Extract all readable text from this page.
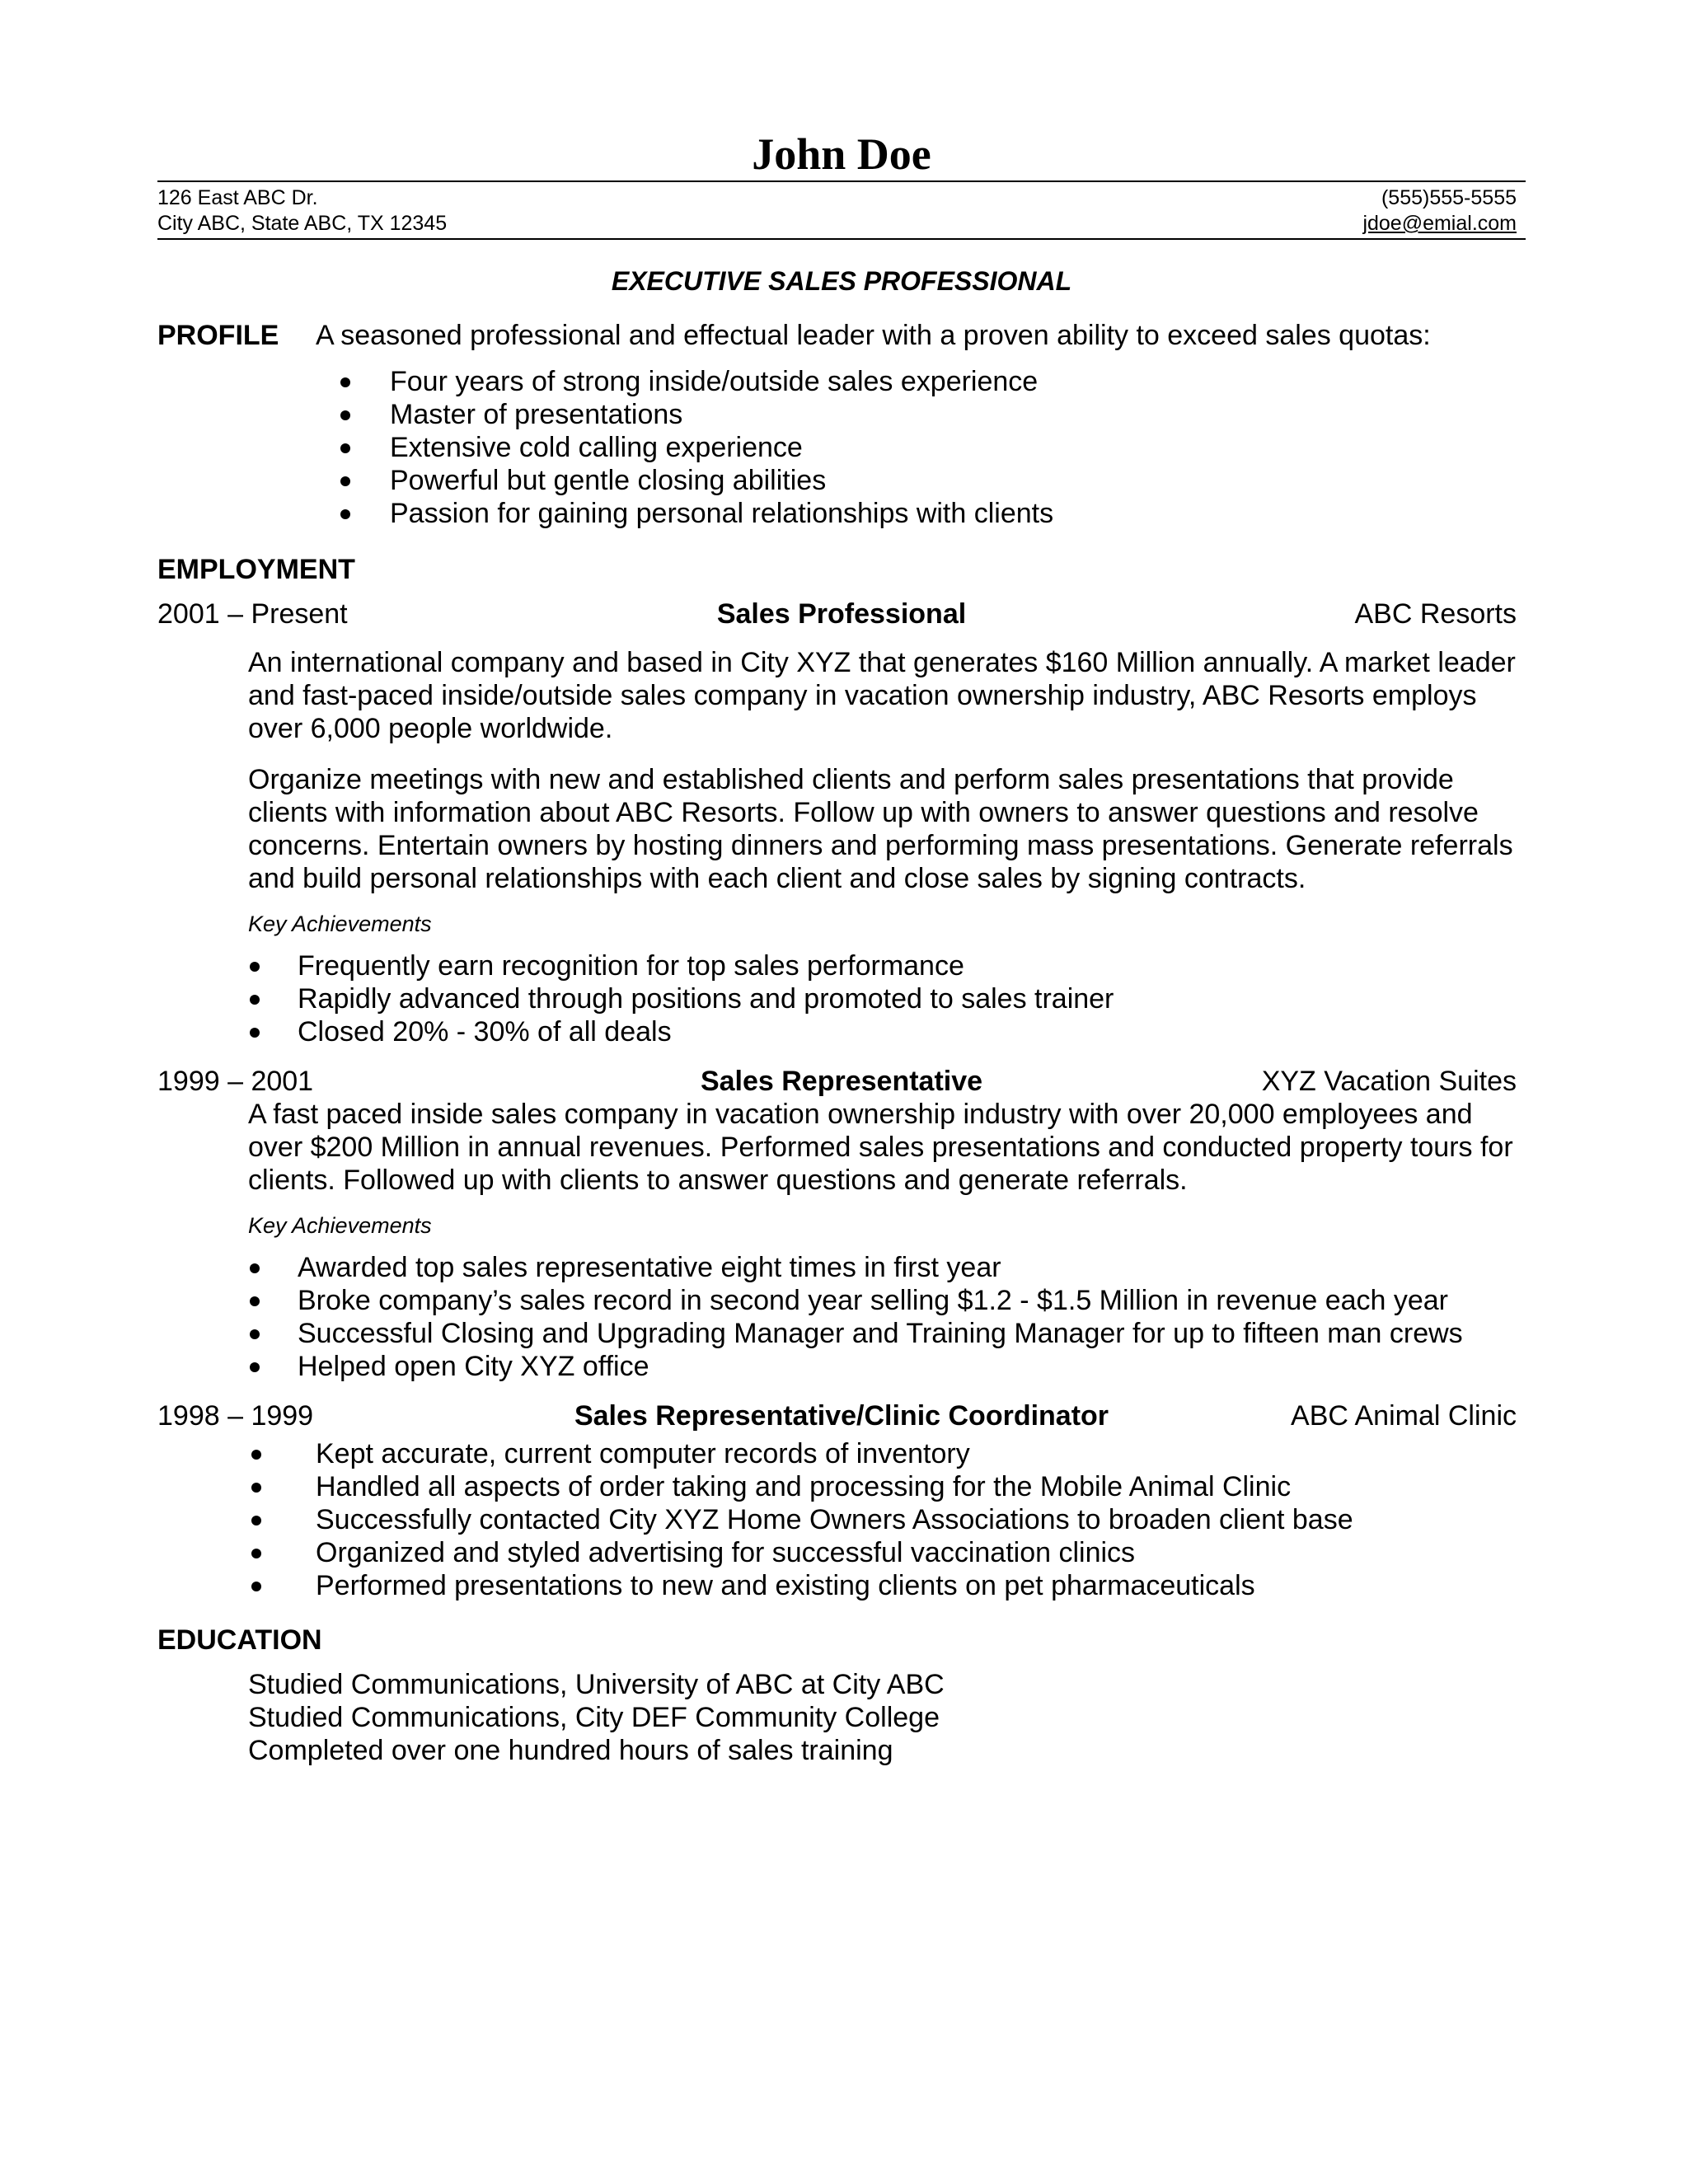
John Doe
126 East ABC Dr.
City ABC, State ABC, TX 12345
(555)555-5555
jdoe@emial.com
EXECUTIVE SALES PROFESSIONAL
PROFILE	A seasoned professional and effectual leader with a proven ability to exceed sales quotas:
Four years of strong inside/outside sales experience
Master of presentations
Extensive cold calling experience
Powerful but gentle closing abilities
Passion for gaining personal relationships with clients
EMPLOYMENT
2001 – Present	Sales Professional	ABC Resorts
An international company and based in City XYZ that generates $160 Million annually. A market leader and fast-paced inside/outside sales company in vacation ownership industry, ABC Resorts employs over 6,000 people worldwide.
Organize meetings with new and established clients and perform sales presentations that provide clients with information about ABC Resorts. Follow up with owners to answer questions and resolve concerns. Entertain owners by hosting dinners and performing mass presentations. Generate referrals and build personal relationships with each client and close sales by signing contracts.
Key Achievements
Frequently earn recognition for top sales performance
Rapidly advanced through positions and promoted to sales trainer
Closed 20% - 30% of all deals
1999 – 2001	Sales Representative	XYZ Vacation Suites
A fast paced inside sales company in vacation ownership industry with over 20,000 employees and over $200 Million in annual revenues. Performed sales presentations and conducted property tours for clients. Followed up with clients to answer questions and generate referrals.
Key Achievements
Awarded top sales representative eight times in first year
Broke company’s sales record in second year selling $1.2 - $1.5 Million in revenue each year
Successful Closing and Upgrading Manager and Training Manager for up to fifteen man crews
Helped open City XYZ office
1998 – 1999	Sales Representative/Clinic Coordinator	ABC Animal Clinic
Kept accurate, current computer records of inventory
Handled all aspects of order taking and processing for the Mobile Animal Clinic
Successfully contacted City XYZ Home Owners Associations to broaden client base
Organized and styled advertising for successful vaccination clinics
Performed presentations to new and existing clients on pet pharmaceuticals
EDUCATION
Studied Communications, University of ABC at City ABC
Studied Communications, City DEF Community College
Completed over one hundred hours of sales training
